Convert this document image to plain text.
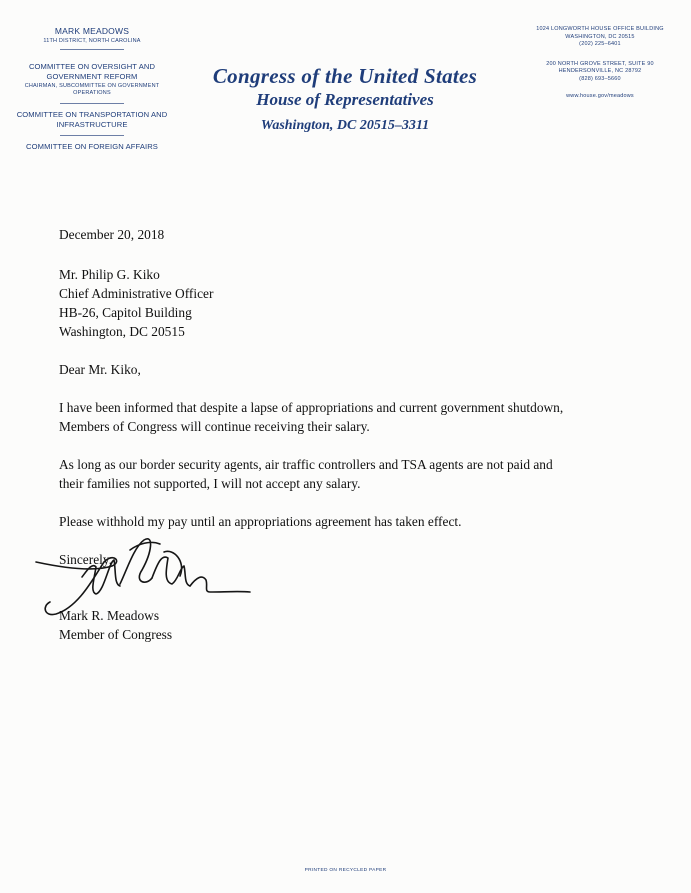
MARK MEADOWS
11TH DISTRICT, NORTH CAROLINA
COMMITTEE ON OVERSIGHT AND GOVERNMENT REFORM
CHAIRMAN, SUBCOMMITTEE ON GOVERNMENT OPERATIONS
COMMITTEE ON TRANSPORTATION AND INFRASTRUCTURE
COMMITTEE ON FOREIGN AFFAIRS
Congress of the United States
House of Representatives
Washington, DC 20515–3311
1024 LONGWORTH HOUSE OFFICE BUILDING
WASHINGTON, DC 20515
(202) 225–6401
200 NORTH GROVE STREET, SUITE 90
HENDERSONVILLE, NC 28792
(828) 693–5660
www.house.gov/meadows

December 20, 2018

Mr. Philip G. Kiko

Chief Administrative Officer

HB-26, Capitol Building

Washington, DC 20515

Dear Mr. Kiko,

I have been informed that despite a lapse of appropriations and current government shutdown,

Members of Congress will continue receiving their salary.

As long as our border security agents, air traffic controllers and TSA agents are not paid and

their families not supported, I will not accept any salary.

Please withhold my pay until an appropriations agreement has taken effect.

Sincerely,

Mark R. Meadows

Member of Congress

PRINTED ON RECYCLED PAPER
